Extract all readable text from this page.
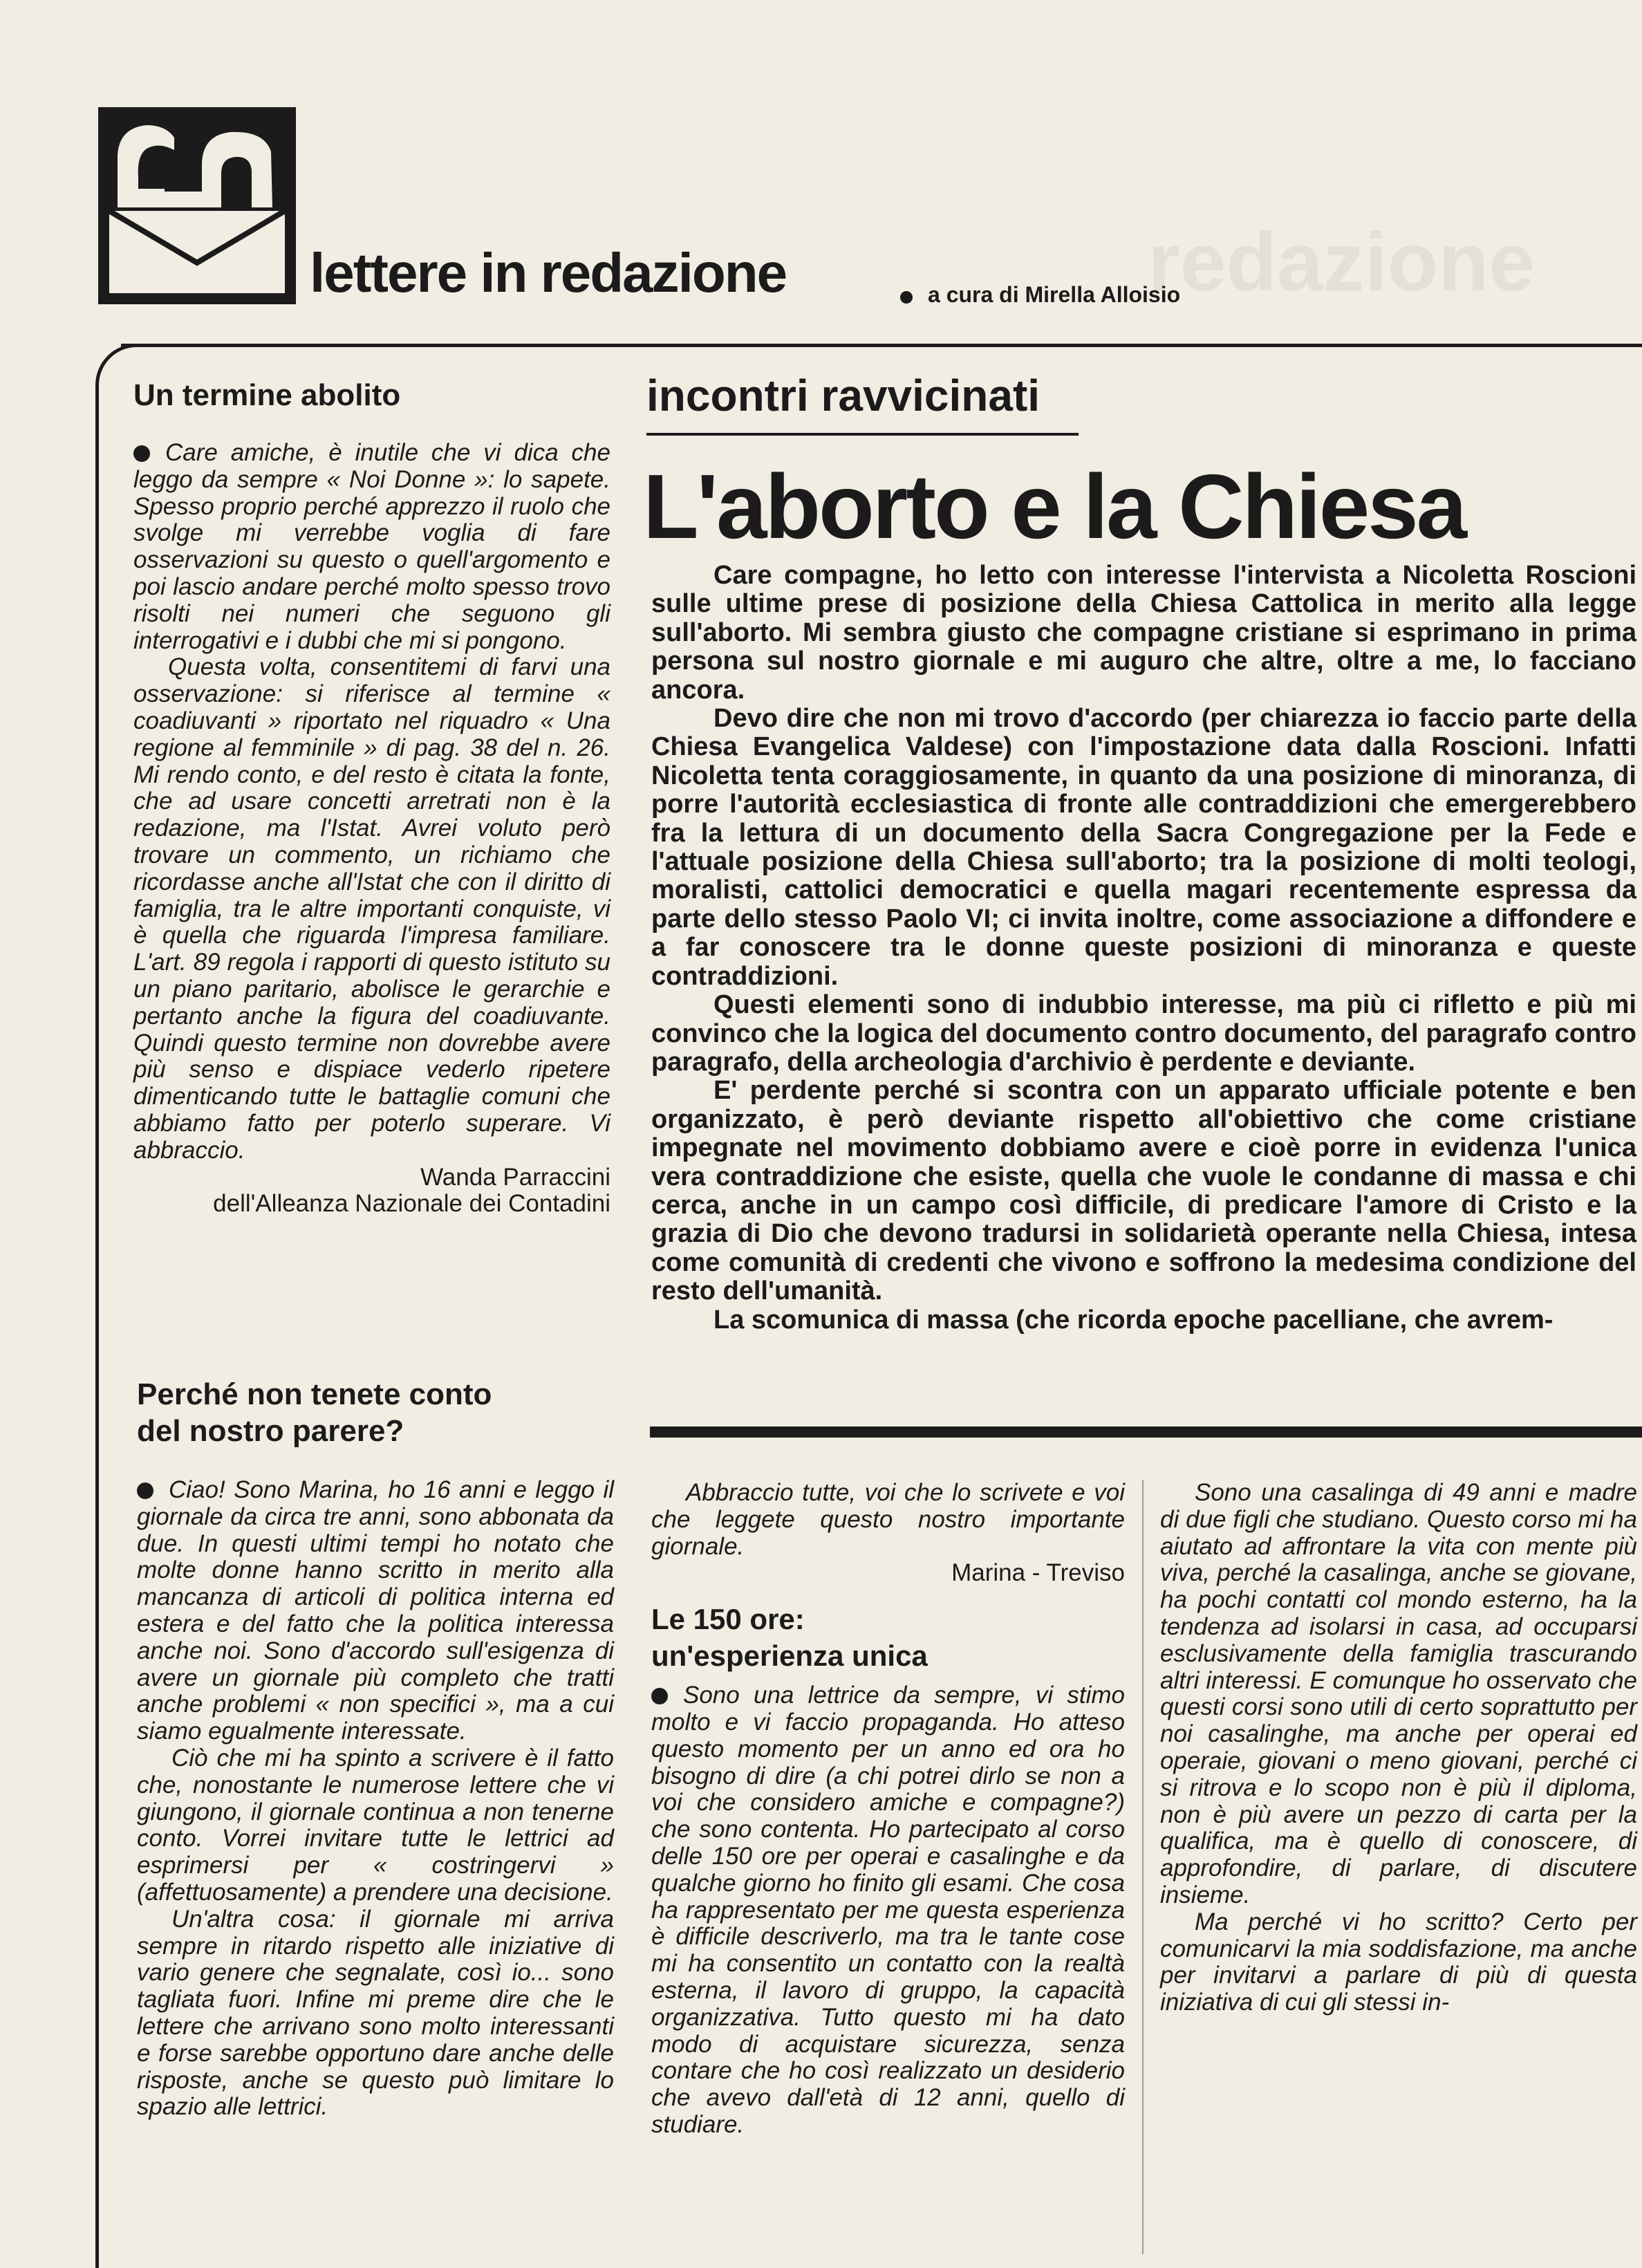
redazione
lettere in redazione	a cura di Mirella Alloisio
Un termine abolito

Care amiche, è inutile che vi dica che leggo da sempre « Noi Donne »: lo sapete. Spesso proprio perché apprezzo il ruolo che svolge mi verrebbe voglia di fare osservazioni su questo o quell'argomento e poi lascio andare perché molto spesso trovo risolti nei numeri che seguono gli interrogativi e i dubbi che mi si pongono.

Questa volta, consentitemi di farvi una osservazione: si riferisce al termine « coadiuvanti » riportato nel riquadro « Una regione al femminile » di pag. 38 del n. 26. Mi rendo conto, e del resto è citata la fonte, che ad usare concetti arretrati non è la redazione, ma l'Istat. Avrei voluto però trovare un commento, un richiamo che ricordasse anche all'Istat che con il diritto di famiglia, tra le altre importanti conquiste, vi è quella che riguarda l'impresa familiare. L'art. 89 regola i rapporti di questo istituto su un piano paritario, abolisce le gerarchie e pertanto anche la figura del coadiuvante. Quindi questo termine non dovrebbe avere più senso e dispiace vederlo ripetere dimenticando tutte le battaglie comuni che abbiamo fatto per poterlo superare. Vi abbraccio.

Wanda Parraccini
dell'Alleanza Nazionale dei Contadini
Perché non tenete conto
del nostro parere?

Ciao! Sono Marina, ho 16 anni e leggo il giornale da circa tre anni, sono abbonata da due. In questi ultimi tempi ho notato che molte donne hanno scritto in merito alla mancanza di articoli di politica interna ed estera e del fatto che la politica interessa anche noi. Sono d'accordo sull'esigenza di avere un giornale più completo che tratti anche problemi « non specifici », ma a cui siamo egualmente interessate.

Ciò che mi ha spinto a scrivere è il fatto che, nonostante le numerose lettere che vi giungono, il giornale continua a non tenerne conto. Vorrei invitare tutte le lettrici ad esprimersi per « costringervi » (affettuosamente) a prendere una decisione.

Un'altra cosa: il giornale mi arriva sempre in ritardo rispetto alle iniziative di vario genere che segnalate, così io... sono tagliata fuori. Infine mi preme dire che le lettere che arrivano sono molto interessanti e forse sarebbe opportuno dare anche delle risposte, anche se questo può limitare lo spazio alle lettrici.

incontri ravvicinati
L'aborto e la Chiesa

Care compagne, ho letto con interesse l'intervista a Nicoletta Roscioni sulle ultime prese di posizione della Chiesa Cattolica in merito alla legge sull'aborto. Mi sembra giusto che compagne cristiane si esprimano in prima persona sul nostro giornale e mi auguro che altre, oltre a me, lo facciano ancora.

Devo dire che non mi trovo d'accordo (per chiarezza io faccio parte della Chiesa Evangelica Valdese) con l'impostazione data dalla Roscioni. Infatti Nicoletta tenta coraggiosamente, in quanto da una posizione di minoranza, di porre l'autorità ecclesiastica di fronte alle contraddizioni che emergerebbero fra la lettura di un documento della Sacra Congregazione per la Fede e l'attuale posizione della Chiesa sull'aborto; tra la posizione di molti teologi, moralisti, cattolici democratici e quella magari recentemente espressa da parte dello stesso Paolo VI; ci invita inoltre, come associazione a diffondere e a far conoscere tra le donne queste posizioni di minoranza e queste contraddizioni.

Questi elementi sono di indubbio interesse, ma più ci rifletto e più mi convinco che la logica del documento contro documento, del paragrafo contro paragrafo, della archeologia d'archivio è perdente e deviante.

E' perdente perché si scontra con un apparato ufficiale potente e ben organizzato, è però deviante rispetto all'obiettivo che come cristiane impegnate nel movimento dobbiamo avere e cioè porre in evidenza l'unica vera contraddizione che esiste, quella che vuole le condanne di massa e chi cerca, anche in un campo così difficile, di predicare l'amore di Cristo e la grazia di Dio che devono tradursi in solidarietà operante nella Chiesa, intesa come comunità di credenti che vivono e soffrono la medesima condizione del resto dell'umanità.

La scomunica di massa (che ricorda epoche pacelliane, che avrem-

Abbraccio tutte, voi che lo scrivete e voi che leggete questo nostro importante giornale.

Marina - Treviso
Le 150 ore:
un'esperienza unica

Sono una lettrice da sempre, vi stimo molto e vi faccio propaganda. Ho atteso questo momento per un anno ed ora ho bisogno di dire (a chi potrei dirlo se non a voi che considero amiche e compagne?) che sono contenta. Ho partecipato al corso delle 150 ore per operai e casalinghe e da qualche giorno ho finito gli esami. Che cosa ha rappresentato per me questa esperienza è difficile descriverlo, ma tra le tante cose mi ha consentito un contatto con la realtà esterna, il lavoro di gruppo, la capacità organizzativa. Tutto questo mi ha dato modo di acquistare sicurezza, senza contare che ho così realizzato un desiderio che avevo dall'età di 12 anni, quello di studiare.

Sono una casalinga di 49 anni e madre di due figli che studiano. Questo corso mi ha aiutato ad affrontare la vita con mente più viva, perché la casalinga, anche se giovane, ha pochi contatti col mondo esterno, ha la tendenza ad isolarsi in casa, ad occuparsi esclusivamente della famiglia trascurando altri interessi. E comunque ho osservato che questi corsi sono utili di certo soprattutto per noi casalinghe, ma anche per operai ed operaie, giovani o meno giovani, perché ci si ritrova e lo scopo non è più il diploma, non è più avere un pezzo di carta per la qualifica, ma è quello di conoscere, di approfondire, di parlare, di discutere insieme.

Ma perché vi ho scritto? Certo per comunicarvi la mia soddisfazione, ma anche per invitarvi a parlare di più di questa iniziativa di cui gli stessi in-
